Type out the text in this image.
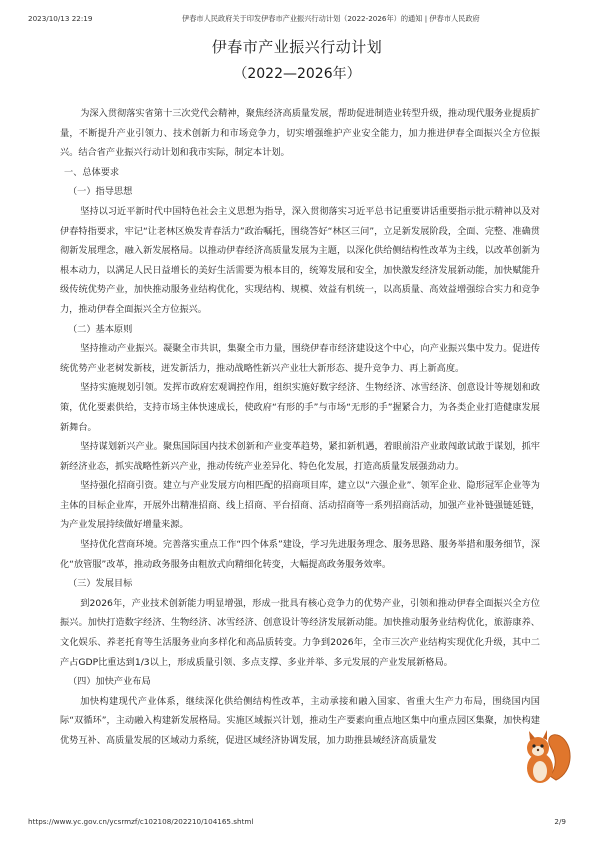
2023/10/13 22:19	伊春市人民政府关于印发伊春市产业振兴行动计划（2022-2026年）的通知 | 伊春市人民政府
伊春市产业振兴行动计划
（2022—2026年）

为深入贯彻落实省第十三次党代会精神，聚焦经济高质量发展，帮助促进制造业转型升级，推动现代服务业提质扩量，不断提升产业引领力、技术创新力和市场竞争力，切实增强维护产业安全能力，加力推进伊春全面振兴全方位振兴。结合省产业振兴行动计划和我市实际，制定本计划。

一、总体要求

（一）指导思想

坚持以习近平新时代中国特色社会主义思想为指导，深入贯彻落实习近平总书记重要讲话重要指示批示精神以及对伊春特指要求，牢记“让老林区焕发青春活力”政治嘱托，围绕答好“林区三问”，立足新发展阶段，全面、完整、准确贯彻新发展理念，融入新发展格局。以推动伊春经济高质量发展为主题，以深化供给侧结构性改革为主线，以改革创新为根本动力，以满足人民日益增长的美好生活需要为根本目的，统筹发展和安全，加快激发经济发展新动能，加快赋能升级传统优势产业，加快推动服务业结构优化，实现结构、规模、效益有机统一，以高质量、高效益增强综合实力和竞争力，推动伊春全面振兴全方位振兴。

（二）基本原则

坚持推动产业振兴。凝聚全市共识，集聚全市力量，围绕伊春市经济建设这个中心，向产业振兴集中发力。促进传统优势产业老树发新枝，迸发新活力，推动战略性新兴产业壮大新形态、提升竞争力、再上新高度。

坚持实施规划引领。发挥市政府宏观调控作用，组织实施好数字经济、生物经济、冰雪经济、创意设计等规划和政策，优化要素供给，支持市场主体快速成长，使政府“有形的手”与市场“无形的手”握紧合力，为各类企业打造健康发展新舞台。

坚持谋划新兴产业。聚焦国际国内技术创新和产业变革趋势，紧扣新机遇，着眼前沿产业敢闯敢试敢于谋划，抓牢新经济业态，抓实战略性新兴产业，推动传统产业差异化、特色化发展，打造高质量发展强劲动力。

坚持强化招商引资。建立与产业发展方向相匹配的招商项目库，建立以“六强企业”、领军企业、隐形冠军企业等为主体的目标企业库，开展外出精准招商、线上招商、平台招商、活动招商等一系列招商活动，加强产业补链强链延链，为产业发展持续做好增量来源。

坚持优化营商环境。完善落实重点工作“四个体系”建设，学习先进服务理念、服务思路、服务举措和服务细节，深化“放管服”改革，推动政务服务由粗放式向精细化转变，大幅提高政务服务效率。

（三）发展目标

到2026年，产业技术创新能力明显增强，形成一批具有核心竞争力的优势产业，引领和推动伊春全面振兴全方位振兴。加快打造数字经济、生物经济、冰雪经济、创意设计等经济发展新动能。加快推动服务业结构优化，旅游康养、文化娱乐、养老托育等生活服务业向多样化和高品质转变。力争到2026年，全市三次产业结构实现优化升级，其中二产占GDP比重达到1/3以上，形成质量引领、多点支撑、多业并举、多元发展的产业发展新格局。

（四）加快产业布局

加快构建现代产业体系，继续深化供给侧结构性改革，主动承接和融入国家、省重大生产力布局，围绕国内国际“双循环”，主动融入构建新发展格局。实施区域振兴计划，推动生产要素向重点地区集中向重点园区集聚，加快构建优势互补、高质量发展的区域动力系统，促进区域经济协调发展，加力助推县域经济高质量发

https://www.yc.gov.cn/ycsrmzf/c102108/202210/104165.shtml	2/9
